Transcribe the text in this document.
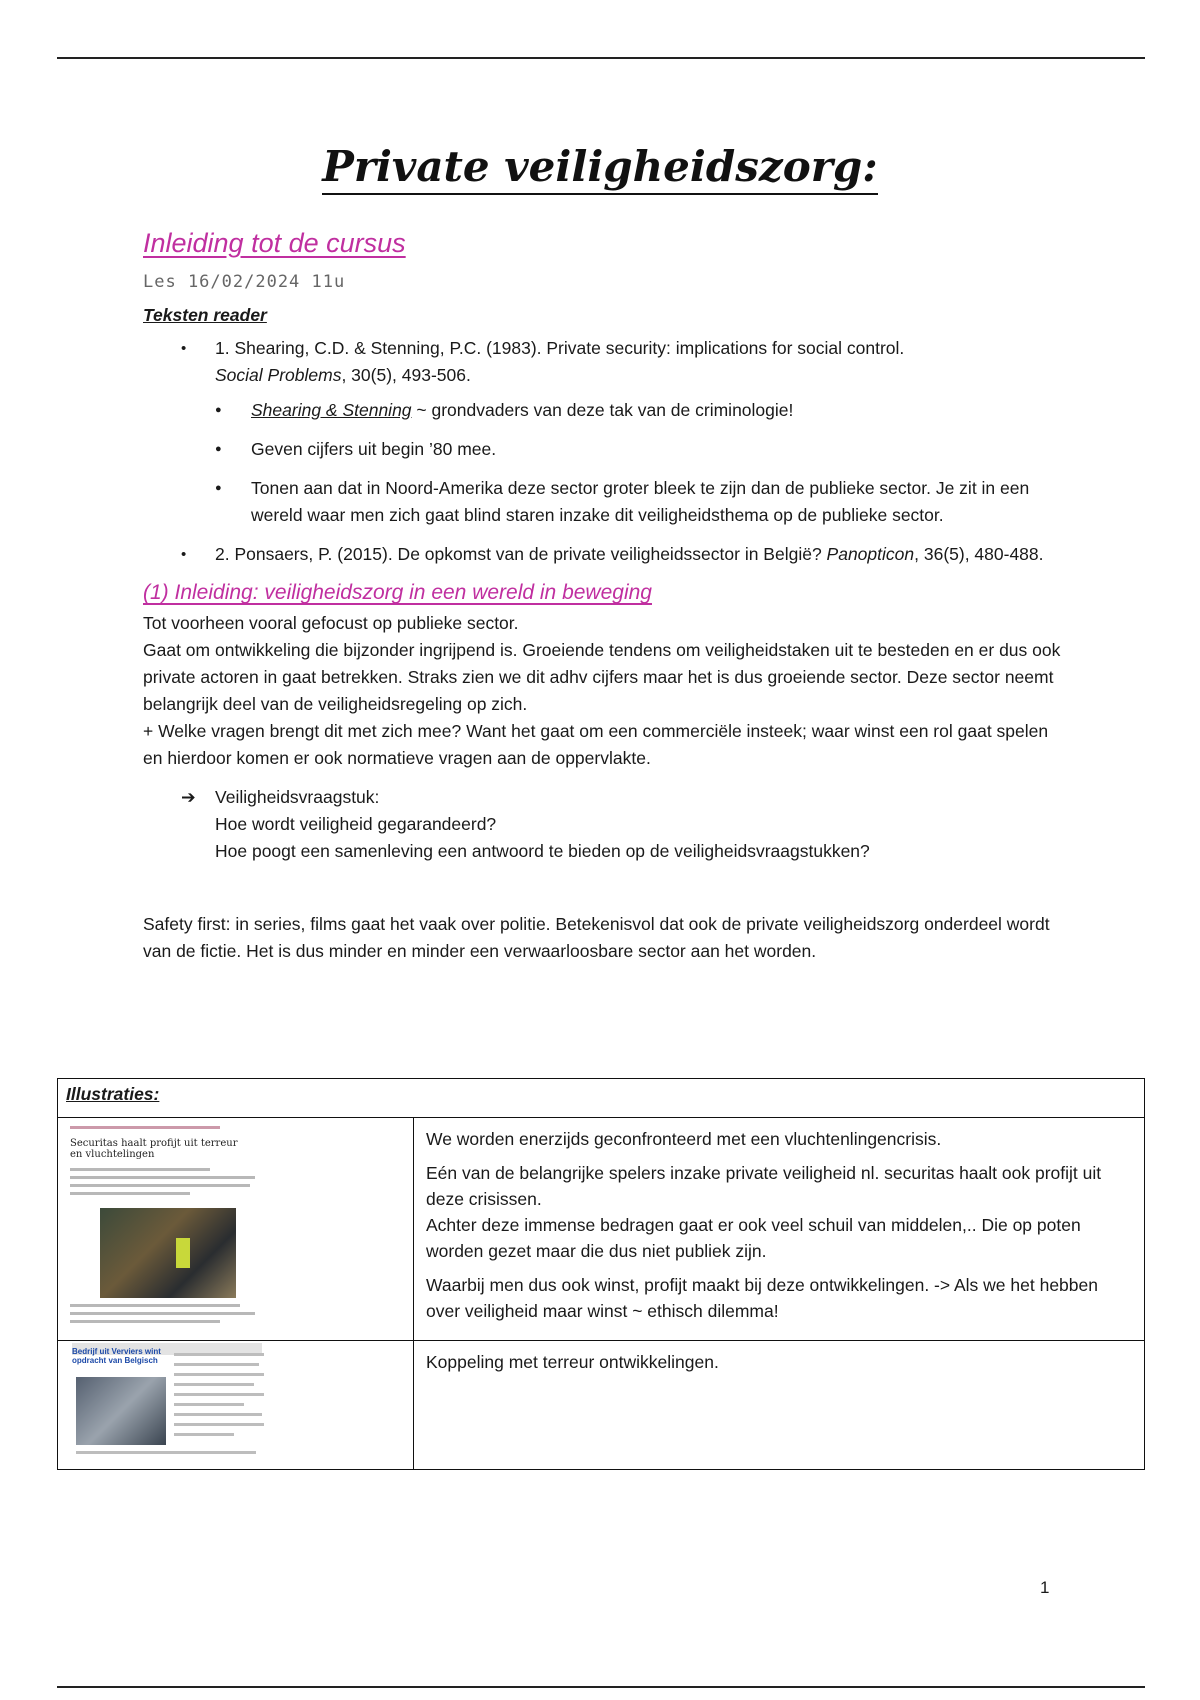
Private veiligheidszorg:
Inleiding tot de cursus
Les 16/02/2024 11u
Teksten reader
• 1. Shearing, C.D. & Stenning, P.C. (1983). Private security: implications for social control.
Social Problems, 30(5), 493-506.
● Shearing & Stenning ~ grondvaders van deze tak van de criminologie!
● Geven cijfers uit begin ’80 mee.
● Tonen aan dat in Noord-Amerika deze sector groter bleek te zijn dan de publieke sector. Je zit in een wereld waar men zich gaat blind staren inzake dit veiligheidsthema op de publieke sector.
• 2. Ponsaers, P. (2015). De opkomst van de private veiligheidssector in België? Panopticon, 36(5), 480-488.
(1) Inleiding: veiligheidszorg in een wereld in beweging

Tot voorheen vooral gefocust op publieke sector.

Gaat om ontwikkeling die bijzonder ingrijpend is. Groeiende tendens om veiligheidstaken uit te besteden en er dus ook private actoren in gaat betrekken. Straks zien we dit adhv cijfers maar het is dus groeiende sector. Deze sector neemt belangrijk deel van de veiligheidsregeling op zich.

+ Welke vragen brengt dit met zich mee? Want het gaat om een commerciële insteek; waar winst een rol gaat spelen en hierdoor komen er ook normatieve vragen aan de oppervlakte.

➔ Veiligheidsvraagstuk:
Hoe wordt veiligheid gegarandeerd?
Hoe poogt een samenleving een antwoord te bieden op de veiligheidsvraagstukken?

Safety first: in series, films gaat het vaak over politie. Betekenisvol dat ook de private veiligheidszorg onderdeel wordt van de fictie. Het is dus minder en minder een verwaarloosbare sector aan het worden.

Illustraties:	

Securitas haalt profijt uit terreur en vluchtelingen	We worden enerzijds geconfronteerd met een vluchtenlingencrisis.

Eén van de belangrijke spelers inzake private veiligheid nl. securitas haalt ook profijt uit deze crisissen.
Achter deze immense bedragen gaat er ook veel schuil van middelen,.. Die op poten worden gezet maar die dus niet publiek zijn.

Waarbij men dus ook winst, profijt maakt bij deze ontwikkelingen. -> Als we het hebben over veiligheid maar winst ~ ethisch dilemma!

Bedrijf uit Verviers wint opdracht van Belgisch	Koppeling met terreur ontwikkelingen.

1
